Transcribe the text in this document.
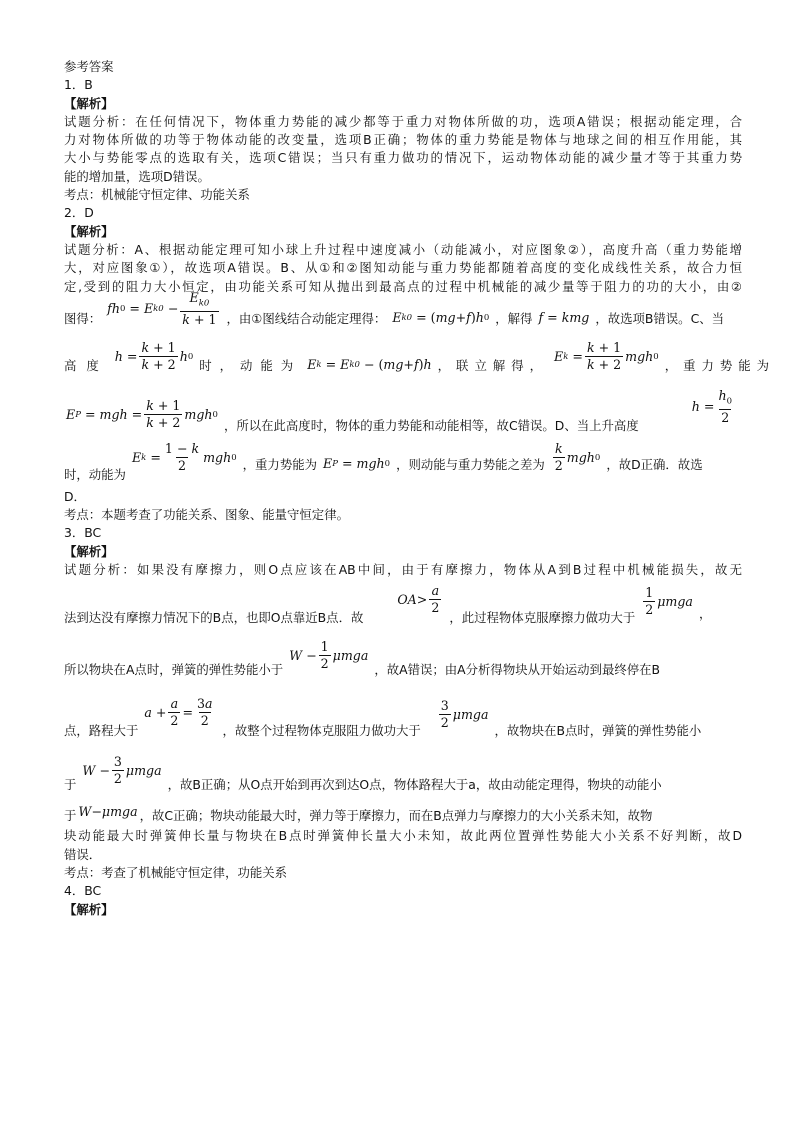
参考答案
1．B
【解析】
试题分析：在任何情况下，物体重力势能的减少都等于重力对物体所做的功，选项A错误；根据动能定理，合
力对物体所做的功等于物体动能的改变量，选项B正确；物体的重力势能是物体与地球之间的相互作用能，其
大小与势能零点的选取有关，选项C错误；当只有重力做功的情况下，运动物体动能的减少量才等于其重力势
能的增加量，选项D错误。
考点：机械能守恒定律、功能关系
2．D
【解析】
试题分析：A、根据动能定理可知小球上升过程中速度减小（动能减小，对应图象②），高度升高（重力势能增
大，对应图象①），故选项A错误。B、从①和②图知动能与重力势能都随着高度的变化成线性关系，故合力恒
定,受到的阻力大小恒定，由功能关系可知从抛出到最高点的过程中机械能的减少量等于阻力的功的大小，由②
图得：
fh 0
= E k0
− $\frac{E_{k0}}{k + 1}$ ，由①图线结合动能定理得： E k0
= ( mg + f ) h 0 ，解得 f = kmg ，故选项B错误。C、当
高度
$h = \frac{k + 1}{k + 2}$ h 0
时，动能为 E k
= E k0
− ( mg + f ) h ，联立解得，
E k
= $\frac{k + 1}{k + 2}$ mgh 0
，重力势能为
E P
= mgh = $\frac{k + 1}{k + 2}$ mgh 0
，所以在此高度时，物体的重力势能和动能相等，故C错误。D、当上升高度
$h = \frac{h_0}{2}$
时，动能为
E k
= $\frac{1 - k}{2}$ mgh 0 ，重力势能为 E P
= mgh 0 ，则动能与重力势能之差为
k
2
mgh 0 ，故D正确．故选
D．
考点：本题考查了功能关系、图象、能量守恒定律。
3．BC
【解析】
试题分析：如果没有摩擦力，则O点应该在AB中间，由于有摩擦力，物体从A到B过程中机械能损失，故无
法到达没有摩擦力情况下的B点，也即O点靠近B点．故
OA >
a
2
，此过程物体克服摩擦力做功大于
1
2
μmga
，
所以物块在A点时，弹簧的弹性势能小于
$W - \frac{1}{2}$ μmga
，故A错误；由A分析得物块从开始运动到最终停在B
点，路程大于
$a + \frac{a}{2} = \frac{3a}{2}$
，故整个过程物体克服阻力做功大于
3
2
μmga
，故物块在B点时，弹簧的弹性势能小
于
$W - \frac{3}{2}$ μmga
，故B正确；从O点开始到再次到达O点，物体路程大于a，故由动能定理得，物块的动能小
于 W − μmga ，故C正确；物块动能最大时，弹力等于摩擦力，而在B点弹力与摩擦力的大小关系未知，故物
块动能最大时弹簧伸长量与物块在B点时弹簧伸长量大小未知，故此两位置弹性势能大小关系不好判断，故D
错误．
考点：考查了机械能守恒定律，功能关系
4．BC
【解析】
